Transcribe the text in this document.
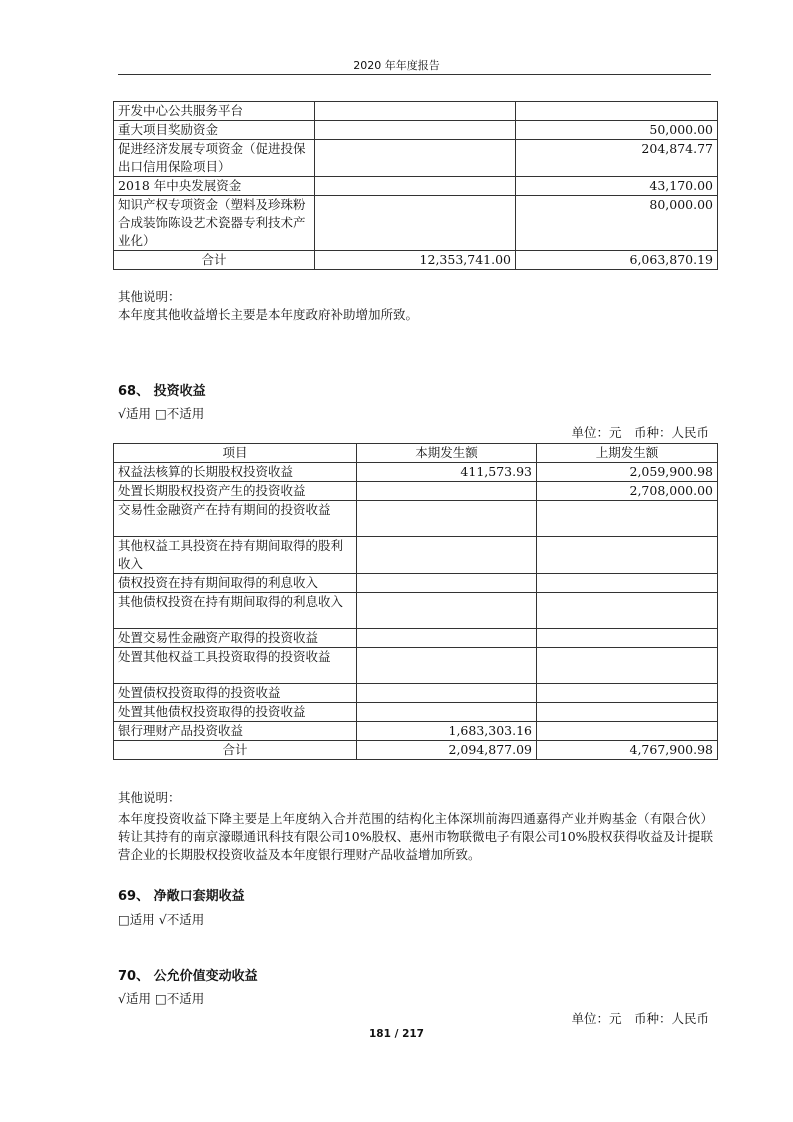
2020 年年度报告
开发中心公共服务平台		
重大项目奖励资金		50,000.00
促进经济发展专项资金（促进投保出口信用保险项目）		204,874.77
2018 年中央发展资金		43,170.00
知识产权专项资金（塑料及珍珠粉合成装饰陈设艺术瓷器专利技术产业化）		80,000.00
合计	12,353,741.00	6,063,870.19
其他说明：
本年度其他收益增长主要是本年度政府补助增加所致。
68、 投资收益
√适用 □不适用
单位：元　币种：人民币
项目	本期发生额	上期发生额
权益法核算的长期股权投资收益	411,573.93	2,059,900.98
处置长期股权投资产生的投资收益		2,708,000.00
交易性金融资产在持有期间的投资收益		
其他权益工具投资在持有期间取得的股利收入		
债权投资在持有期间取得的利息收入		
其他债权投资在持有期间取得的利息收入		
处置交易性金融资产取得的投资收益		
处置其他权益工具投资取得的投资收益		
处置债权投资取得的投资收益		
处置其他债权投资取得的投资收益		
银行理财产品投资收益	1,683,303.16	
合计	2,094,877.09	4,767,900.98
其他说明：
本年度投资收益下降主要是上年度纳入合并范围的结构化主体深圳前海四通嘉得产业并购基金（有限合伙）转让其持有的南京濠暻通讯科技有限公司10%股权、惠州市物联微电子有限公司10%股权获得收益及计提联营企业的长期股权投资收益及本年度银行理财产品收益增加所致。
69、 净敞口套期收益
□适用 √不适用
70、 公允价值变动收益
√适用 □不适用
单位：元　币种：人民币
181 / 217
